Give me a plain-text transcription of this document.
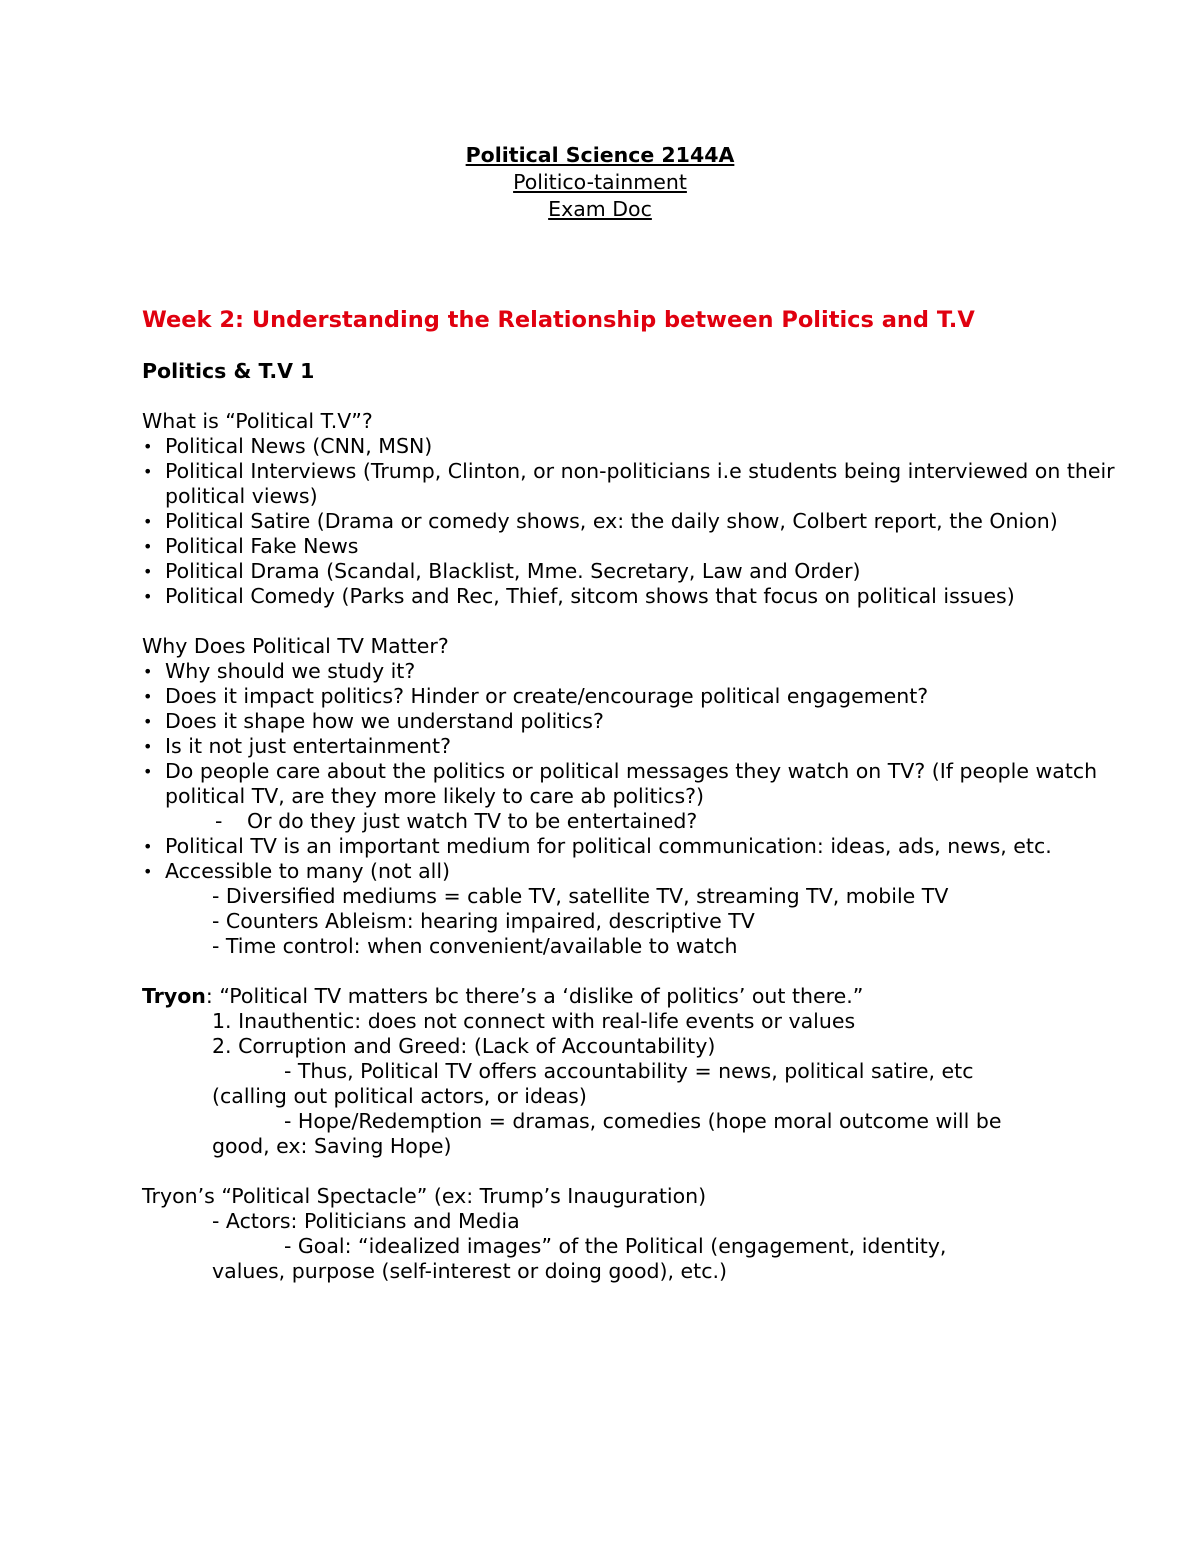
Political Science 2144A
Politico-tainment
Exam Doc
Week 2: Understanding the Relationship between Politics and T.V
Politics & T.V 1
What is “Political T.V”?
• Political News (CNN, MSN)
• Political Interviews (Trump, Clinton, or non-politicians i.e students being interviewed on their political views)
• Political Satire (Drama or comedy shows, ex: the daily show, Colbert report, the Onion)
• Political Fake News
• Political Drama (Scandal, Blacklist, Mme. Secretary, Law and Order)
• Political Comedy (Parks and Rec, Thief, sitcom shows that focus on political issues)
Why Does Political TV Matter?
• Why should we study it?
• Does it impact politics? Hinder or create/encourage political engagement?
• Does it shape how we understand politics?
• Is it not just entertainment?
• Do people care about the politics or political messages they watch on TV? (If people watch political TV, are they more likely to care ab politics?)
- Or do they just watch TV to be entertained?
• Political TV is an important medium for political communication: ideas, ads, news, etc.
• Accessible to many (not all)
- Diversified mediums = cable TV, satellite TV, streaming TV, mobile TV
- Counters Ableism: hearing impaired, descriptive TV
- Time control: when convenient/available to watch
Tryon: “Political TV matters bc there’s a ‘dislike of politics’ out there.”
1. Inauthentic: does not connect with real-life events or values
2. Corruption and Greed: (Lack of Accountability)
- Thus, Political TV offers accountability = news, political satire, etc
(calling out political actors, or ideas)
- Hope/Redemption = dramas, comedies (hope moral outcome will be
good, ex: Saving Hope)
Tryon’s “Political Spectacle” (ex: Trump’s Inauguration)
- Actors: Politicians and Media
- Goal: “idealized images” of the Political (engagement, identity,
values, purpose (self-interest or doing good), etc.)
